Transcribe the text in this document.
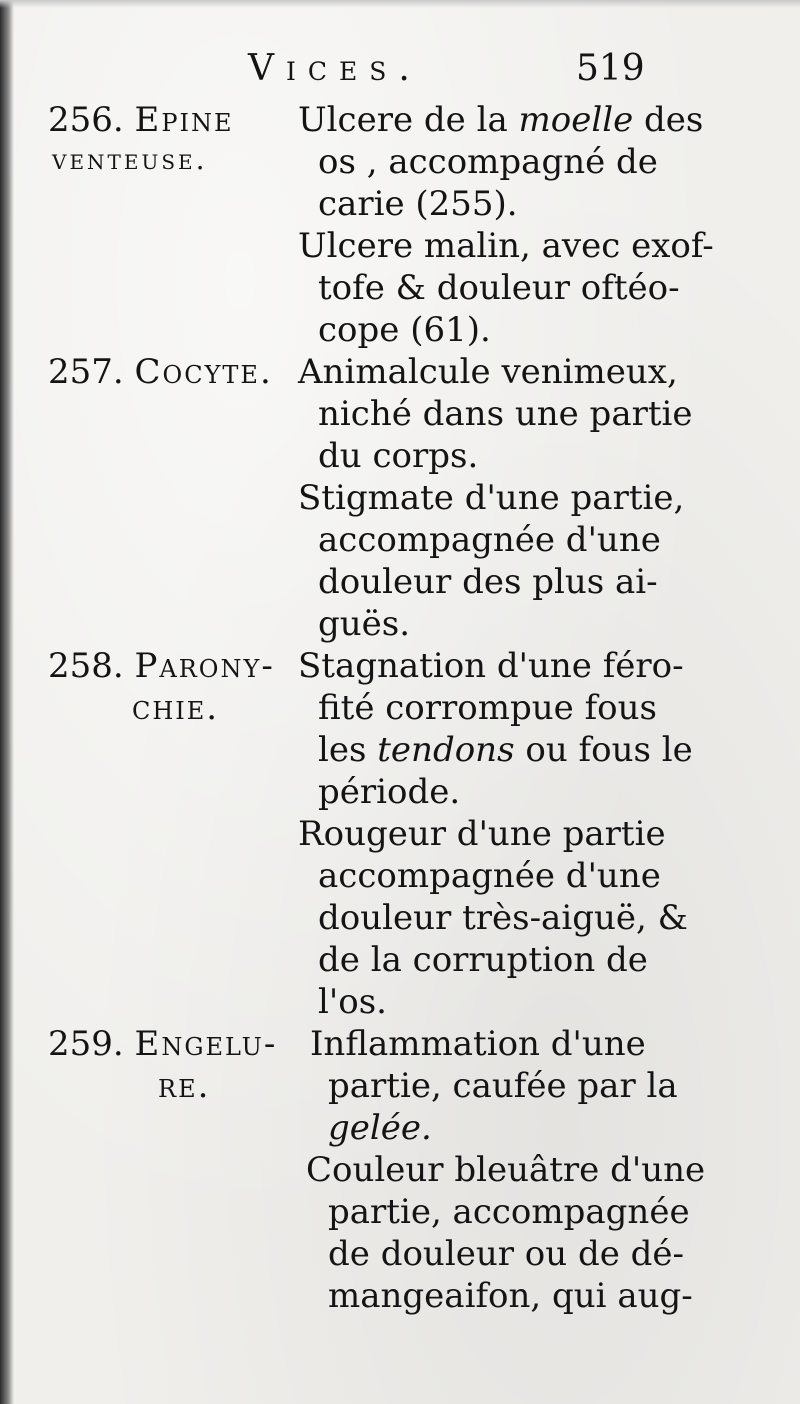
Vices.	519
256. Epine
venteuse.
Ulcere de la moelle des
os , accompagné de
carie (255).
Ulcere malin, avec exof-
tofe & douleur oftéo-
cope (61).
257. Cocyte. Animalcule venimeux,
niché dans une partie
du corps.
Stigmate d'une partie,
accompagnée d'une
douleur des plus ai-
guës.
258. Parony-
chie.
Stagnation d'une féro-
fité corrompue fous
les tendons ou fous le
période.
Rougeur d'une partie
accompagnée d'une
douleur très-aiguë, &
de la corruption de
l'os.
259. Engelu-
re.
Inflammation d'une
partie, caufée par la
gelée.
Couleur bleuâtre d'une
partie, accompagnée
de douleur ou de dé-
mangeaifon, qui aug-
